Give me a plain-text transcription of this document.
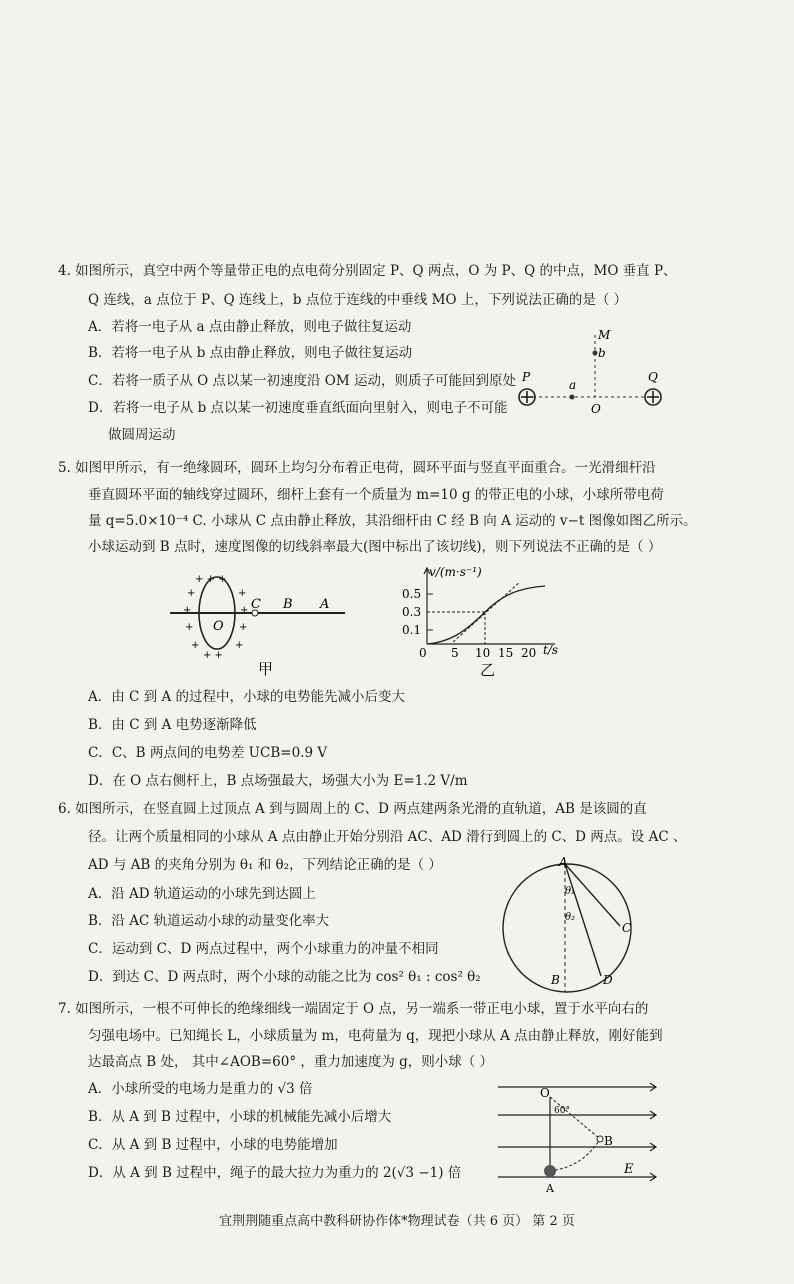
4. 如图所示，真空中两个等量带正电的点电荷分别固定 P、Q 两点，O 为 P、Q 的中点，MO 垂直 P、
Q 连线，a 点位于 P、Q 连线上，b 点位于连线的中垂线 MO 上，下列说法正确的是（ ）
A．若将一电子从 a 点由静止释放，则电子做往复运动
B．若将一电子从 b 点由静止释放，则电子做往复运动
C．若将一质子从 O 点以某一初速度沿 OM 运动，则质子可能回到原处
D．若将一电子从 b 点以某一初速度垂直纸面向里射入，则电子不可能
做圆周运动
M
b
P
a
O
Q
5. 如图甲所示，有一绝缘圆环，圆环上均匀分布着正电荷，圆环平面与竖直平面重合。一光滑细杆沿
垂直圆环平面的轴线穿过圆环，细杆上套有一个质量为 m=10 g 的带正电的小球，小球所带电荷
量 q=5.0×10⁻⁴ C. 小球从 C 点由静止释放，其沿细杆由 C 经 B 向 A 运动的 v−t 图像如图乙所示。
小球运动到 B 点时，速度图像的切线斜率最大(图中标出了该切线)，则下列说法不正确的是（ ）
+ + +
+	+
+	+
+	+
+	+
+ +
O
C B A
甲
v/(m·s⁻¹)
t/s
0.5
0.3
0.1
0 5 10 15 20
乙
A．由 C 到 A 的过程中，小球的电势能先减小后变大
B．由 C 到 A 电势逐渐降低
C．C、B 两点间的电势差 UCB=0.9 V
D．在 O 点右侧杆上，B 点场强最大，场强大小为 E=1.2 V/m
6. 如图所示，在竖直圆上过顶点 A 到与圆周上的 C、D 两点建两条光滑的直轨道，AB 是该圆的直
径。让两个质量相同的小球从 A 点由静止开始分别沿 AC、AD 滑行到圆上的 C、D 两点。设 AC 、
AD 与 AB 的夹角分别为 θ₁ 和 θ₂，下列结论正确的是（ ）
A．沿 AD 轨道运动的小球先到达圆上
B．沿 AC 轨道运动小球的动量变化率大
C．运动到 C、D 两点过程中，两个小球重力的冲量不相同
D．到达 C、D 两点时，两个小球的动能之比为 cos² θ₁ : cos² θ₂
A
θ₁
θ₂
C
D
B
7. 如图所示，一根不可伸长的绝缘细线一端固定于 O 点，另一端系一带正电小球，置于水平向右的
匀强电场中。已知绳长 L，小球质量为 m，电荷量为 q，现把小球从 A 点由静止释放，刚好能到
达最高点 B 处， 其中∠AOB=60° ，重力加速度为 g，则小球（ ）
A．小球所受的电场力是重力的 √3 倍
B．从 A 到 B 过程中，小球的机械能先减小后增大
C．从 A 到 B 过程中，小球的电势能增加
D．从 A 到 B 过程中，绳子的最大拉力为重力的 2(√3 −1) 倍
O
60°
B
A
E
宜荆荆随重点高中教科研协作体*物理试卷（共 6 页） 第 2 页
